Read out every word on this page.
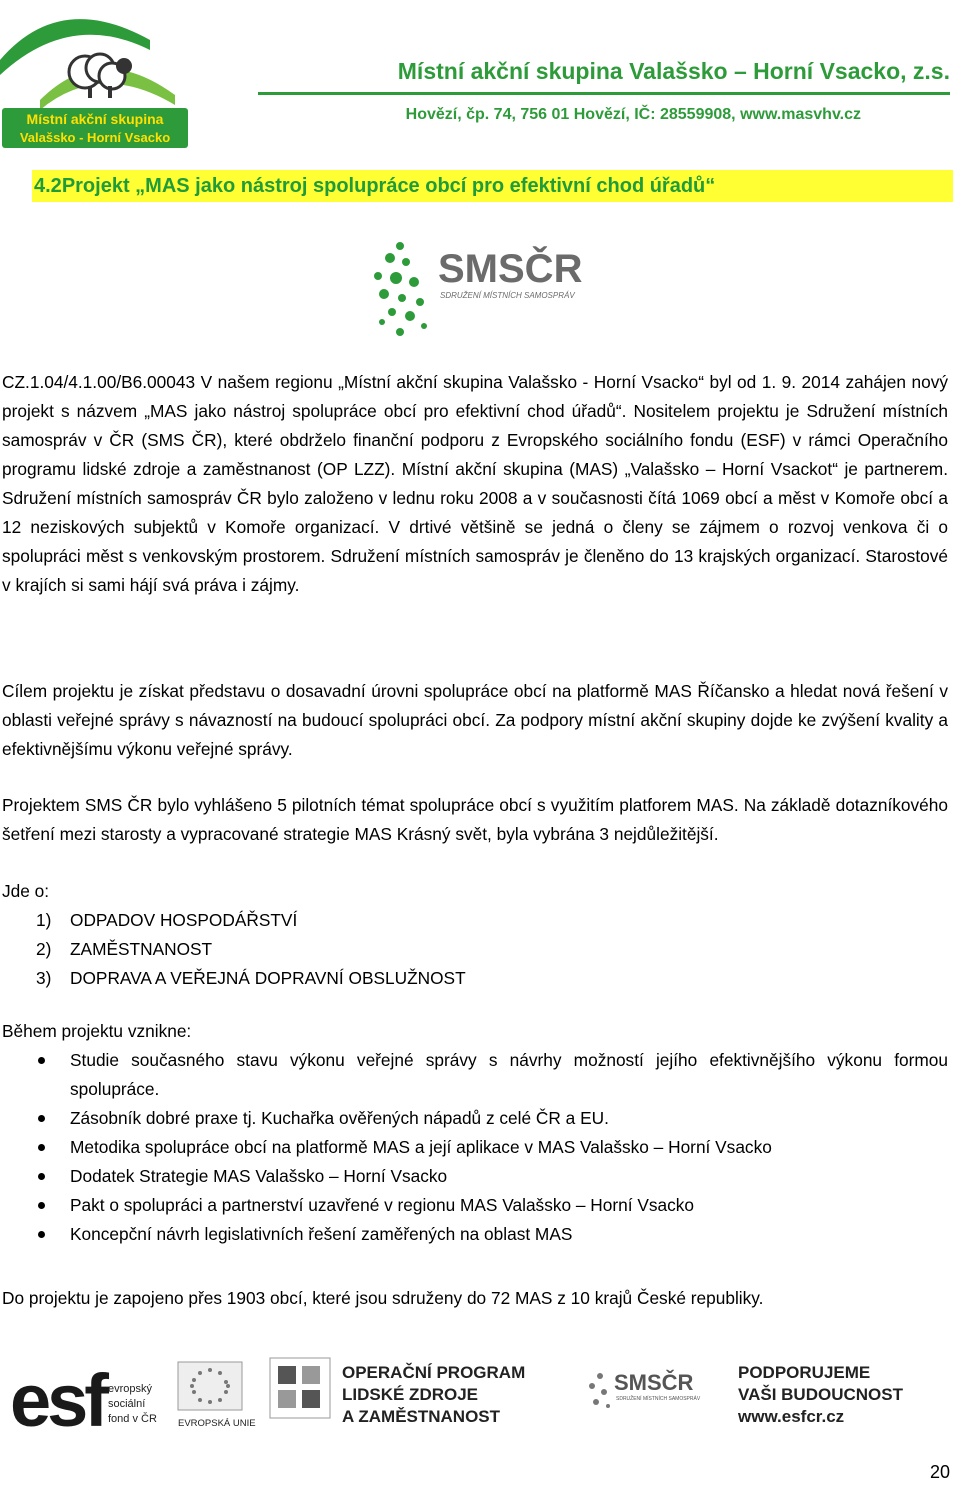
Místní akční skupina
Valašsko - Horní Vsacko
Místní akční skupina Valašsko – Horní Vsacko, z.s.
Hovězí, čp. 74, 756 01 Hovězí, IČ: 28559908, www.masvhv.cz
4.2Projekt „MAS jako nástroj spolupráce obcí pro efektivní chod úřadů“
SMSČR
SDRUŽENÍ MÍSTNÍCH SAMOSPRÁV
CZ.1.04/4.1.00/B6.00043 V našem regionu „Místní akční skupina Valašsko - Horní Vsacko“ byl od 1. 9. 2014 zahájen nový projekt s názvem „MAS jako nástroj spolupráce obcí pro efektivní chod úřadů“. Nositelem projektu je Sdružení místních samospráv v ČR (SMS ČR), které obdrželo finanční podporu z Evropského sociálního fondu (ESF) v rámci Operačního programu lidské zdroje a zaměstnanost (OP LZZ). Místní akční skupina (MAS) „Valašsko – Horní Vsackot“ je partnerem. Sdružení místních samospráv ČR bylo založeno v lednu roku 2008 a v současnosti čítá 1069 obcí a měst v Komoře obcí a 12 neziskových subjektů v Komoře organizací. V drtivé většině se jedná o členy se zájmem o rozvoj venkova či o spolupráci měst s venkovským prostorem. Sdružení místních samospráv je členěno do 13 krajských organizací. Starostové v krajích si sami hájí svá práva i zájmy.
Cílem projektu je získat představu o dosavadní úrovni spolupráce obcí na platformě MAS Říčansko a hledat nová řešení v oblasti veřejné správy s návazností na budoucí spolupráci obcí. Za podpory místní akční skupiny dojde ke zvýšení kvality a efektivnějšímu výkonu veřejné správy.
Projektem SMS ČR bylo vyhlášeno 5 pilotních témat spolupráce obcí s využitím platforem MAS. Na základě dotazníkového šetření mezi starosty a vypracované strategie MAS Krásný svět, byla vybrána 3 nejdůležitější.
Jde o:
1) ODPADOV HOSPODÁŘSTVÍ
2) ZAMĚSTNANOST
3) DOPRAVA A VEŘEJNÁ DOPRAVNÍ OBSLUŽNOST
Během projektu vznikne:
Studie současného stavu výkonu veřejné správy s návrhy možností jejího efektivnějšího výkonu formou spolupráce.
Zásobník dobré praxe tj. Kuchařka ověřených nápadů z celé ČR a EU.
Metodika spolupráce obcí na platformě MAS a její aplikace v MAS Valašsko – Horní Vsacko
Dodatek Strategie MAS Valašsko – Horní Vsacko
Pakt o spolupráci a partnerství uzavřené v regionu MAS Valašsko – Horní Vsacko
Koncepční návrh legislativních řešení zaměřených na oblast MAS
Do projektu je zapojeno přes 1903 obcí, které jsou sdruženy do 72 MAS z 10 krajů České republiky.
esf evropský
sociální
fond v ČR EVROPSKÁ UNIE
OPERAČNÍ PROGRAM
LIDSKÉ ZDROJE
A ZAMĚSTNANOST
SMSČR
SDRUŽENÍ MÍSTNÍCH SAMOSPRÁV
PODPORUJEME
VAŠI BUDOUCNOST
www.esfcr.cz
20
